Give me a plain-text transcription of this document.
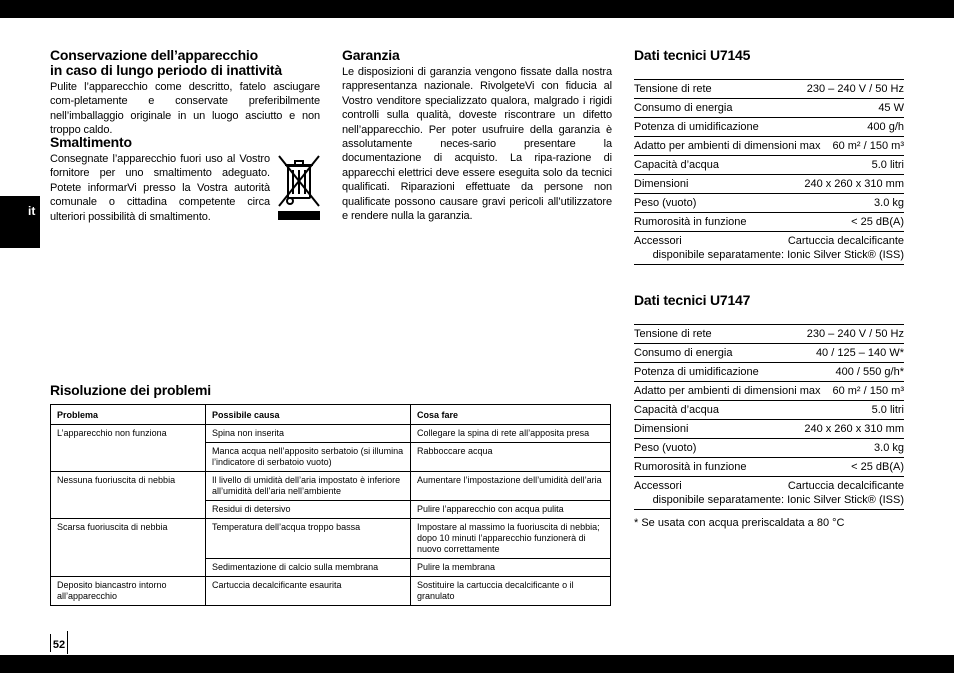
it
52
Conservazione dell’apparecchio
in caso di lungo periodo di inattività

Pulite l’apparecchio come descritto, fatelo asciugare com-pletamente e conservate preferibilmente nell’imballaggio originale in un luogo asciutto e non troppo caldo.

Smaltimento

Consegnate l’apparecchio fuori uso al Vostro fornitore per uno smaltimento adeguato. Potete informarVi presso la Vostra autorità comunale o cittadina competente circa ulteriori possibilità di smaltimento.

Garanzia

Le disposizioni di garanzia vengono fissate dalla nostra rappresentanza nazionale. RivolgeteVi con fiducia al Vostro venditore specializzato qualora, malgrado i rigidi controlli sulla qualità, doveste riscontrare un difetto nell’apparecchio. Per poter usufruire della garanzia è assolutamente neces-sario presentare la documentazione di acquisto. La ripa-razione di apparecchi elettrici deve essere eseguita solo da tecnici qualificati. Riparazioni effettuate da persone non qualificate possono causare gravi pericoli all’utilizzatore e rendere nulla la garanzia.

Risoluzione dei problemi
Problema	Possibile causa	Cosa fare
L’apparecchio non funziona	Spina non inserita	Collegare la spina di rete all’apposita presa
	Manca acqua nell’apposito serbatoio (si illumina l’indicatore di serbatoio vuoto)	Rabboccare acqua
Nessuna fuoriuscita di nebbia	Il livello di umidità dell’aria impostato è inferiore all’umidità dell’aria nell’ambiente	Aumentare l’impostazione dell’umidità dell’aria
	Residui di detersivo	Pulire l’apparecchio con acqua pulita
Scarsa fuoriuscita di nebbia	Temperatura dell’acqua troppo bassa	Impostare al massimo la fuoriuscita di nebbia; dopo 10 minuti l’apparecchio funzionerà di nuovo correttamente
	Sedimentazione di calcio sulla membrana	Pulire la membrana
Deposito biancastro intorno all’apparecchio	Cartuccia decalcificante esaurita	Sostituire la cartuccia decalcificante o il granulato
Dati tecnici U7145
Tensione di rete	230 – 240 V / 50 Hz
Consumo di energia	45 W
Potenza di umidificazione	400 g/h
Adatto per ambienti di dimensioni max 60 m² / 150 m³
Capacità d’acqua	5.0 litri
Dimensioni	240 x 260 x 310 mm
Peso (vuoto)	3.0 kg
Rumorosità in funzione	< 25 dB(A)
Accessori	Cartuccia decalcificante
disponibile separatamente: Ionic Silver Stick® (ISS)
Dati tecnici U7147
Tensione di rete	230 – 240 V / 50 Hz
Consumo di energia	40 / 125 – 140 W*
Potenza di umidificazione	400 / 550 g/h*
Adatto per ambienti di dimensioni max 60 m² / 150 m³
Capacità d’acqua	5.0 litri
Dimensioni	240 x 260 x 310 mm
Peso (vuoto)	3.0 kg
Rumorosità in funzione	< 25 dB(A)
Accessori	Cartuccia decalcificante
disponibile separatamente: Ionic Silver Stick® (ISS)
* Se usata con acqua preriscaldata a 80 °C
